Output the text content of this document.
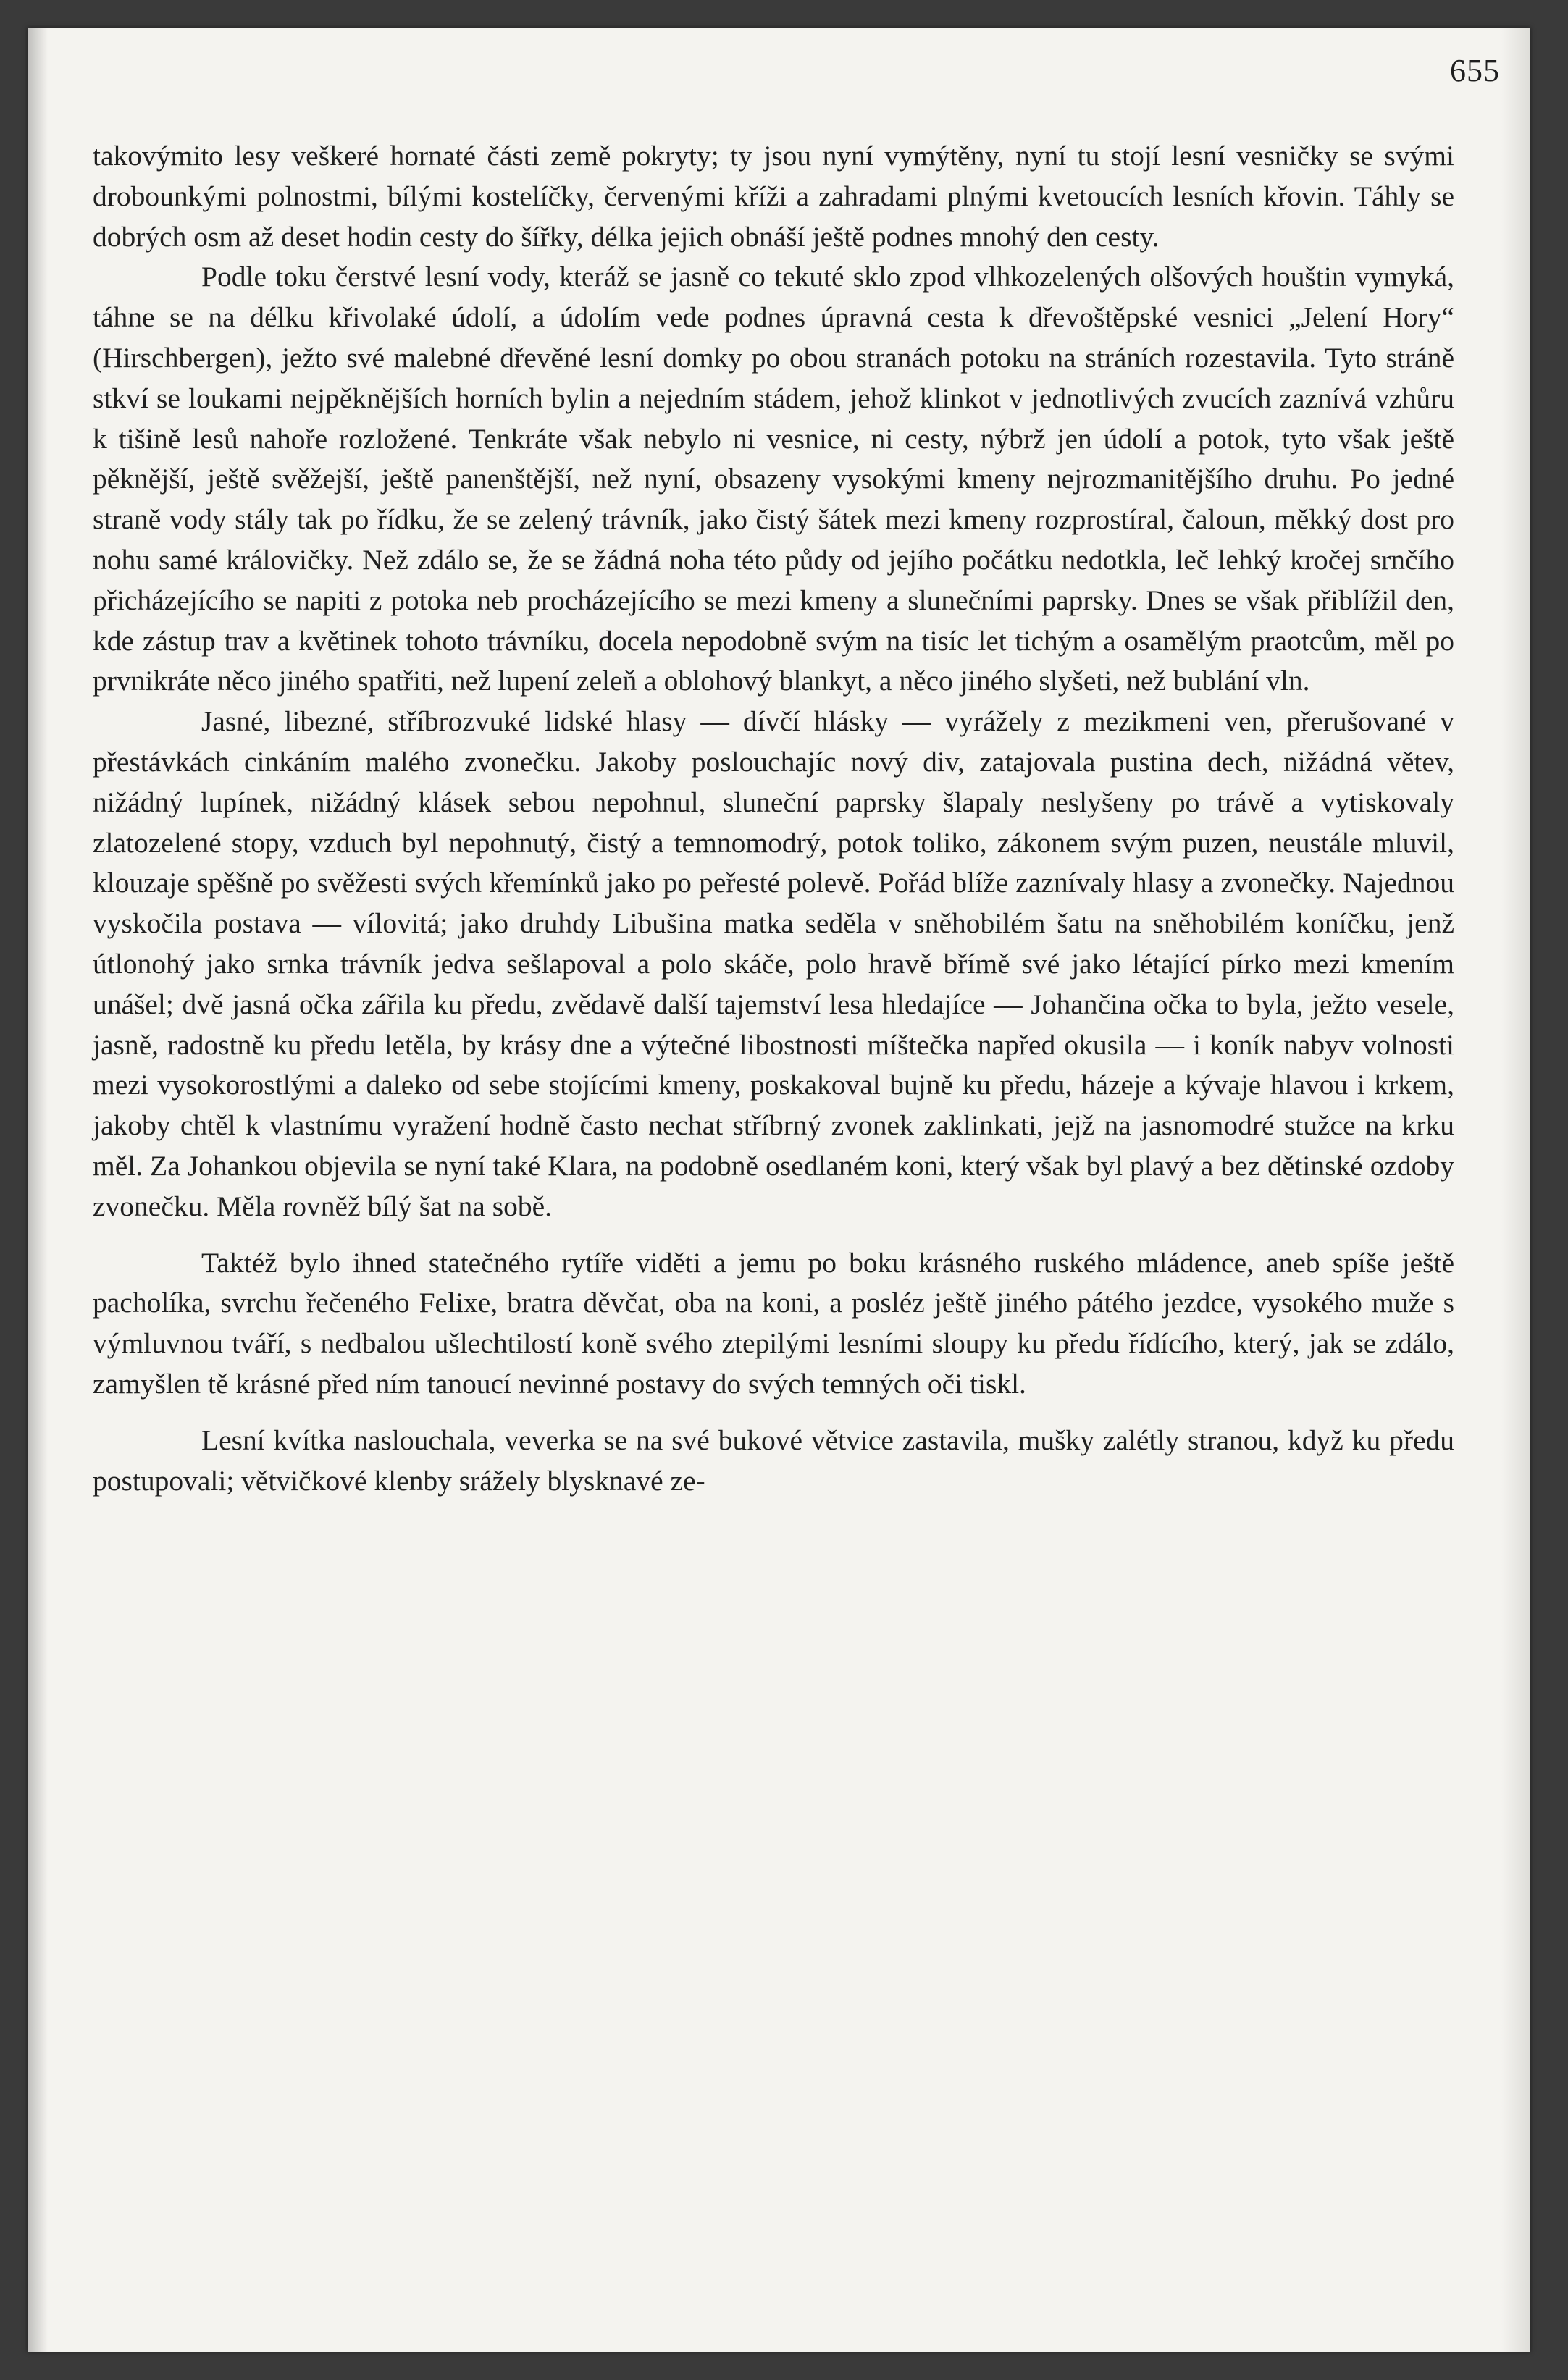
655

takovýmito lesy veškeré hornaté části země pokryty; ty jsou nyní vymýtěny, nyní tu stojí lesní vesničky se svými drobounkými polnostmi, bílými kostelíčky, červenými kříži a zahradami plnými kvetoucích lesních křovin. Táhly se dobrých osm až deset hodin cesty do šířky, délka jejich obnáší ještě podnes mnohý den cesty.

Podle toku čerstvé lesní vody, kteráž se jasně co tekuté sklo zpod vlhkozelených olšových houštin vymyká, táhne se na délku křivolaké údolí, a údolím vede podnes úpravná cesta k dřevoštěpské vesnici „Jelení Hory“ (Hirschbergen), ježto své malebné dřevěné lesní domky po obou stranách potoku na stráních rozestavila. Tyto stráně stkví se loukami nejpěknějších horních bylin a nejedním stádem, jehož klinkot v jednotlivých zvucích zaznívá vzhůru k tišině lesů nahoře rozložené. Tenkráte však nebylo ni vesnice, ni cesty, nýbrž jen údolí a potok, tyto však ještě pěknější, ještě svěžejší, ještě panenštější, než nyní, obsazeny vysokými kmeny nejrozmanitějšího druhu. Po jedné straně vody stály tak po řídku, že se zelený trávník, jako čistý šátek mezi kmeny rozprostíral, čaloun, měkký dost pro nohu samé královičky. Než zdálo se, že se žádná noha této půdy od jejího počátku nedotkla, leč lehký kročej srnčího přicházejícího se napiti z potoka neb procházejícího se mezi kmeny a slunečními paprsky. Dnes se však přiblížil den, kde zástup trav a květinek tohoto trávníku, docela nepodobně svým na tisíc let tichým a osamělým praotcům, měl po prvnikráte něco jiného spatřiti, než lupení zeleň a oblohový blankyt, a něco jiného slyšeti, než bublání vln.

Jasné, libezné, stříbrozvuké lidské hlasy — dívčí hlásky — vyrážely z mezikmeni ven, přerušované v přestávkách cinkáním malého zvonečku. Jakoby poslouchajíc nový div, zatajovala pustina dech, nižádná větev, nižádný lupínek, nižádný klásek sebou nepohnul, sluneční paprsky šlapaly neslyšeny po trávě a vytiskovaly zlatozelené stopy, vzduch byl nepohnutý, čistý a temnomodrý, potok toliko, zákonem svým puzen, neustále mluvil, klouzaje spěšně po svěžesti svých křemínků jako po peřesté polevě. Pořád blíže zaznívaly hlasy a zvonečky. Najednou vyskočila postava — vílovitá; jako druhdy Libušina matka seděla v sněhobilém šatu na sněhobilém koníčku, jenž útlonohý jako srnka trávník jedva sešlapoval a polo skáče, polo hravě břímě své jako létající pírko mezi kmením unášel; dvě jasná očka zářila ku předu, zvědavě další tajemství lesa hledajíce — Johančina očka to byla, ježto vesele, jasně, radostně ku předu letěla, by krásy dne a výtečné libostnosti míštečka napřed okusila — i koník nabyv volnosti mezi vysokorostlými a daleko od sebe stojícími kmeny, poskakoval bujně ku předu, házeje a kývaje hlavou i krkem, jakoby chtěl k vlastnímu vyražení hodně často nechat stříbrný zvonek zaklinkati, jejž na jasnomodré stužce na krku měl. Za Johankou objevila se nyní také Klara, na podobně osedlaném koni, který však byl plavý a bez dětinské ozdoby zvonečku. Měla rovněž bílý šat na sobě.

Taktéž bylo ihned statečného rytíře viděti a jemu po boku krásného ruského mládence, aneb spíše ještě pacholíka, svrchu řečeného Felixe, bratra děvčat, oba na koni, a posléz ještě jiného pátého jezdce, vysokého muže s výmluvnou tváří, s nedbalou ušlechtilostí koně svého ztepilými lesními sloupy ku předu řídícího, který, jak se zdálo, zamyšlen tě krásné před ním tanoucí nevinné postavy do svých temných oči tiskl.

Lesní kvítka naslouchala, veverka se na své bukové větvice zastavila, mušky zalétly stranou, když ku předu postupovali; větvičkové klenby srážely blysknavé ze-
